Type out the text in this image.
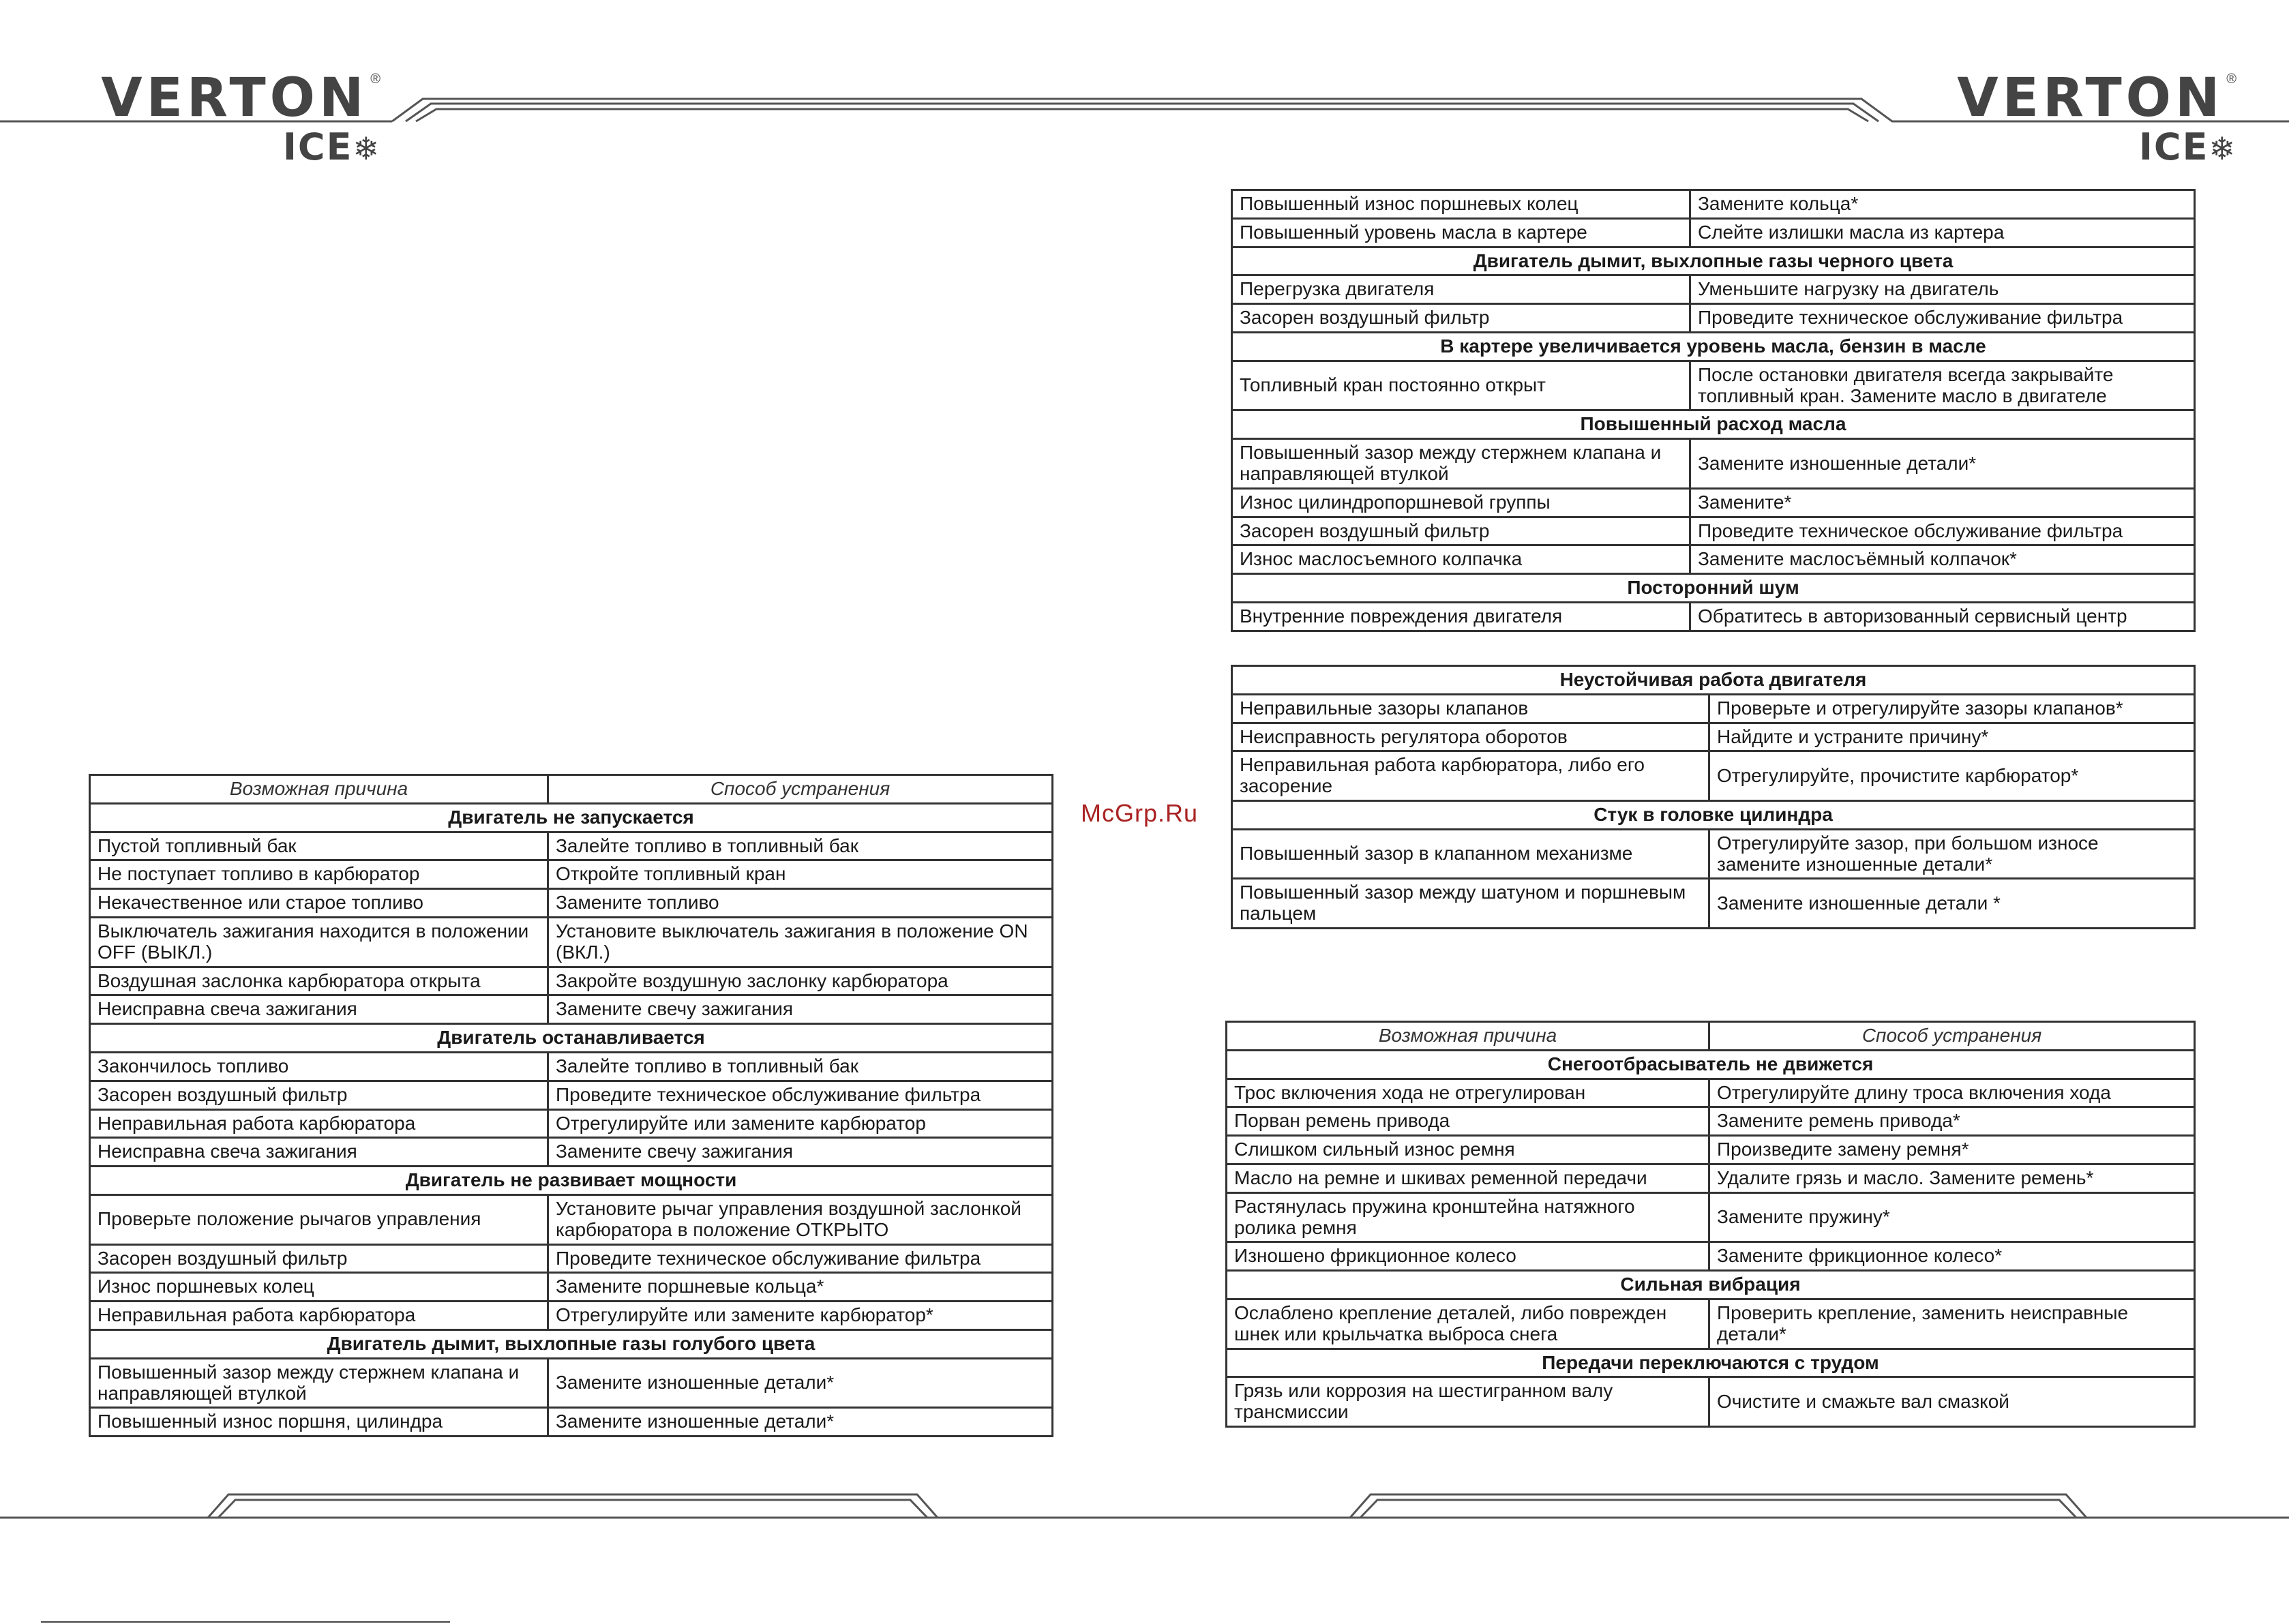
VERTON ®
ICE❄
VERTON ®
ICE❄
McGrp.Ru
Возможная причина	Способ устранения
Двигатель не запускается	
Пустой топливный бак	Залейте топливо в топливный бак
Не поступает топливо в карбюратор	Откройте топливный кран
Некачественное или старое топливо	Замените топливо
Выключатель зажигания находится в положении OFF (ВЫКЛ.)	Установите выключатель зажигания в положение ON (ВКЛ.)
Воздушная заслонка карбюратора открыта	Закройте воздушную заслонку карбюратора
Неисправна свеча зажигания	Замените свечу зажигания
Двигатель останавливается	
Закончилось топливо	Залейте топливо в топливный бак
Засорен воздушный фильтр	Проведите техническое обслуживание фильтра
Неправильная работа карбюратора	Отрегулируйте или замените карбюратор
Неисправна свеча зажигания	Замените свечу зажигания
Двигатель не развивает мощности	
Проверьте положение рычагов управления	Установите рычаг управления воздушной заслонкой карбюратора в положение ОТКРЫТО
Засорен воздушный фильтр	Проведите техническое обслуживание фильтра
Износ поршневых колец	Замените поршневые кольца*
Неправильная работа карбюратора	Отрегулируйте или замените карбюратор*
Двигатель дымит, выхлопные газы голубого цвета	
Повышенный зазор между стержнем клапана и направляющей втулкой	Замените изношенные детали*
Повышенный износ поршня, цилиндра	Замените изношенные детали*
Повышенный износ поршневых колец	Замените кольца*
Повышенный уровень масла в картере	Слейте излишки масла из картера
Двигатель дымит, выхлопные газы черного цвета	
Перегрузка двигателя	Уменьшите нагрузку на двигатель
Засорен воздушный фильтр	Проведите техническое обслуживание фильтра
В картере увеличивается уровень масла, бензин в масле	
Топливный кран постоянно открыт	После остановки двигателя всегда закрывайте топливный кран. Замените масло в двигателе
Повышенный расход масла	
Повышенный зазор между стержнем клапана и направляющей втулкой	Замените изношенные детали*
Износ цилиндропоршневой группы	Замените*
Засорен воздушный фильтр	Проведите техническое обслуживание фильтра
Износ маслосъемного колпачка	Замените маслосъёмный колпачок*
Посторонний шум	
Внутренние повреждения двигателя	Обратитесь в авторизованный сервисный центр
Неустойчивая работа двигателя	
Неправильные зазоры клапанов	Проверьте и отрегулируйте зазоры клапанов*
Неисправность регулятора оборотов	Найдите и устраните причину*
Неправильная работа карбюратора, либо его засорение	Отрегулируйте, прочистите карбюратор*
Стук в головке цилиндра	
Повышенный зазор в клапанном механизме	Отрегулируйте зазор, при большом износе замените изношенные детали*
Повышенный зазор между шатуном и поршневым пальцем	Замените изношенные детали *
Возможная причина	Способ устранения
Снегоотбрасыватель не движется	
Трос включения хода не отрегулирован	Отрегулируйте длину троса включения хода
Порван ремень привода	Замените ремень привода*
Слишком сильный износ ремня	Произведите замену ремня*
Масло на ремне и шкивах ременной передачи	Удалите грязь и масло. Замените ремень*
Растянулась пружина кронштейна натяжного ролика ремня	Замените пружину*
Изношено фрикционное колесо	Замените фрикционное колесо*
Сильная вибрация	
Ослаблено крепление деталей, либо поврежден шнек или крыльчатка выброса снега	Проверить крепление, заменить неисправные детали*
Передачи переключаются с трудом	
Грязь или коррозия на шестигранном валу трансмиссии	Очистите и смажьте вал смазкой
